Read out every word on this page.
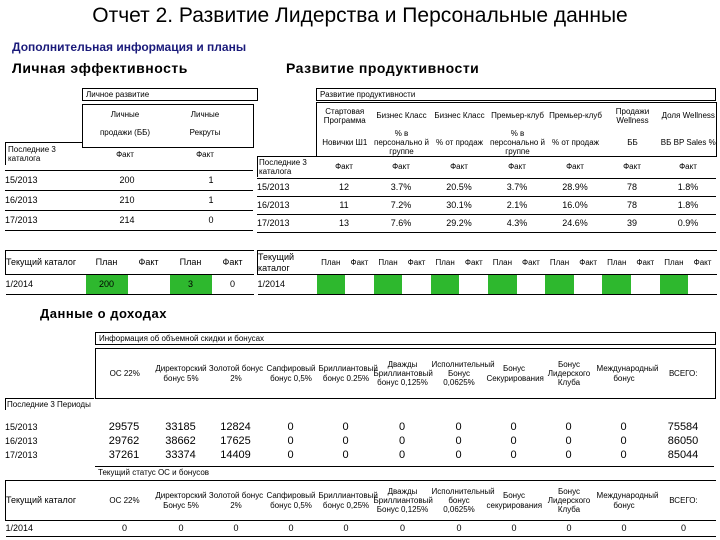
Отчет 2. Развитие Лидерства и Персональные данные
Дополнительная информация и планы
Личная эффективность	Развитие продуктивности
Личное развитие
Личные
продажи (ББ)
Личные
Рекруты
Последние 3 каталога	Факт	Факт
15/2013	200	1
16/2013	210	1
17/2013	214	0
Текущий каталог	План	Факт	План	Факт
1/2014	200		3	0
Развитие продуктивности
Стартовая Программа	Бизнес Класс	Бизнес Класс	Премьер-клуб	Премьер-клуб	Продажи Wellness	Доля Wellness
Новички Ш1	% в персонально й группе	% от продаж	% в персонально й группе	% от продаж	ББ	ВБ BP Sales %
Последние 3 каталога
Факт	Факт	Факт	Факт	Факт	Факт	Факт
15/2013	12	3.7%	20.5%	3.7%	28.9%	78	1.8%
16/2013	11	7.2%	30.1%	2.1%	16.0%	78	1.8%
17/2013	13	7.6%	29.2%	4.3%	24.6%	39	0.9%
Текущий каталог	План	Факт	План	Факт	План	Факт	План	Факт	План	Факт	План	Факт	План	Факт
1/2014														
Данные о доходах
Информация об объемной скидки и бонусах
ОС 22%	Директорский бонус 5%	Золотой бонус 2%	Сапфировый бонус 0,5%	Бриллиантовый бонус 0.25%	Дважды Бриллиантовый бонус 0,125%	Исполнительный Бонус 0,0625%	Бонус Секурирования	Бонус Лидерского Клуба	Международный бонус	ВСЕГО:
Последние 3 Периоды
15/2013	29575	33185	12824	0	0	0	0	0	0	0	75584
16/2013	29762	38662	17625	0	0	0	0	0	0	0	86050
17/2013	37261	33374	14409	0	0	0	0	0	0	0	85044
Текущий статус ОС и бонусов
Текущий каталог	ОС 22%	Директорский Бонус 5%	Золотой бонус 2%	Сапфировый бонус 0,5%	Бриллиантовый бонус 0,25%	Дважды Бриллиантовый Бонус 0,125%	Исполнительный бонус 0,0625%	Бонус секурирования	Бонус Лидерского Клуба	Международный бонус	ВСЕГО:
1/2014	0	0	0	0	0	0	0	0	0	0	0
